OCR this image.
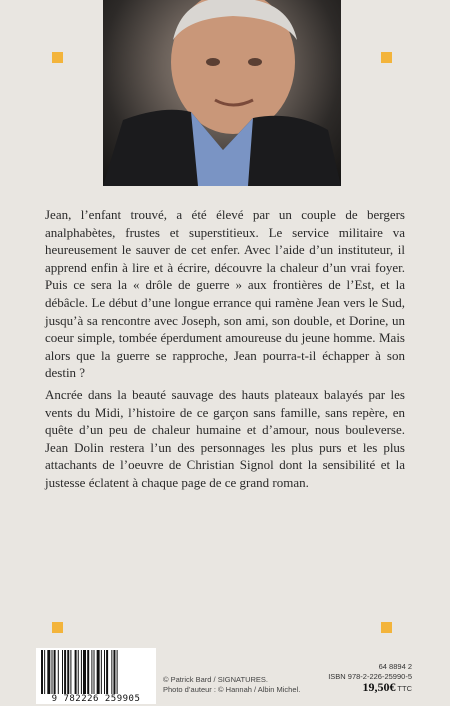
Jean, l’enfant trouvé, a été élevé par un couple de bergers analphabètes, frustes et superstitieux. Le service militaire va heureusement le sauver de cet enfer. Avec l’aide d’un instituteur, il apprend enfin à lire et à écrire, découvre la chaleur d’un vrai foyer. Puis ce sera la « drôle de guerre » aux frontières de l’Est, et la débâcle. Le début d’une longue errance qui ramène Jean vers le Sud, jusqu’à sa rencontre avec Joseph, son ami, son double, et Dorine, un coeur simple, tombée éperdument amoureuse du jeune homme. Mais alors que la guerre se rapproche, Jean pourra-t-il échapper à son destin ?

Ancrée dans la beauté sauvage des hauts plateaux balayés par les vents du Midi, l’histoire de ce garçon sans famille, sans repère, en quête d’un peu de chaleur humaine et d’amour, nous bouleverse. Jean Dolin restera l’un des personnages les plus purs et les plus attachants de l’oeuvre de Christian Signol dont la sensibilité et la justesse éclatent à chaque page de ce grand roman.

9 782226 259905
© Patrick Bard / SIGNATURES.
Photo d’auteur : © Hannah / Albin Michel.
64 8894 2
ISBN 978-2-226-25990-5
19,50€ TTC
